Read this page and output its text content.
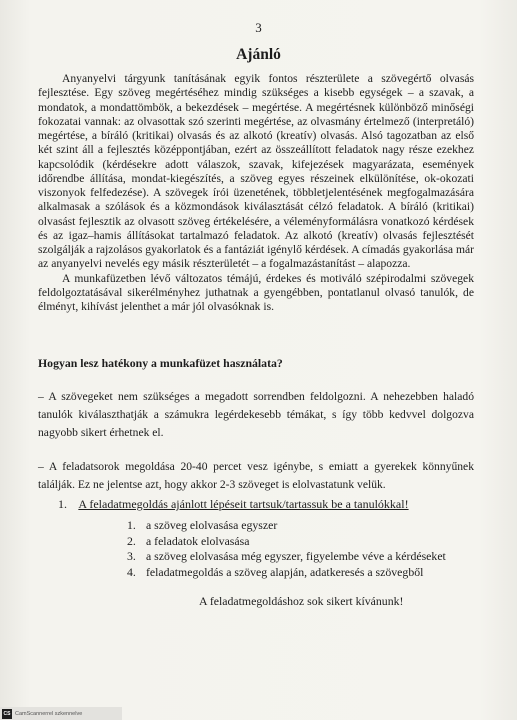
3
Ajánló

Anyanyelvi tárgyunk tanításának egyik fontos részterülete a szövegértő olvasás fejlesztése. Egy szöveg megértéséhez mindig szükséges a kisebb egységek – a szavak, a mondatok, a mondattömbök, a bekezdések – megértése. A megértésnek különböző minőségi fokozatai vannak: az olvasottak szó szerinti megértése, az olvasmány értelmező (interpretáló) megértése, a bíráló (kritikai) olvasás és az alkotó (kreatív) olvasás. Alsó tagozatban az első két szint áll a fejlesztés középpontjában, ezért az összeállított feladatok nagy része ezekhez kapcsolódik (kérdésekre adott válaszok, szavak, kifejezések magyarázata, események időrendbe állítása, mondat-kiegészítés, a szöveg egyes részeinek elkülönítése, ok-okozati viszonyok felfedezése). A szövegek írói üzenetének, többletjelentésének megfogalmazására alkalmasak a szólások és a közmondások kiválasztását célzó feladatok. A bíráló (kritikai) olvasást fejlesztik az olvasott szöveg értékelésére, a véleményformálásra vonatkozó kérdések és az igaz–hamis állításokat tartalmazó feladatok. Az alkotó (kreatív) olvasás fejlesztését szolgálják a rajzolásos gyakorlatok és a fantáziát igénylő kérdések. A címadás gyakorlása már az anyanyelvi nevelés egy másik részterületét – a fogalmazástanítást – alapozza.

A munkafüzetben lévő változatos témájú, érdekes és motiváló szépirodalmi szövegek feldolgoztatásával sikerélményhez juthatnak a gyengébben, pontatlanul olvasó tanulók, de élményt, kihívást jelenthet a már jól olvasóknak is.

Hogyan lesz hatékony a munkafüzet használata?

– A szövegeket nem szükséges a megadott sorrendben feldolgozni. A nehezebben haladó tanulók kiválaszthatják a számukra legérdekesebb témákat, s így több kedvvel dolgozva nagyobb sikert érhetnek el.

– A feladatsorok megoldása 20-40 percet vesz igénybe, s emiatt a gyerekek könnyűnek találják. Ez ne jelentse azt, hogy akkor 2-3 szöveget is elolvastatunk velük.

1. A feladatmegoldás ajánlott lépéseit tartsuk/tartassuk be a tanulókkal!
1. a szöveg elolvasása egyszer
2. a feladatok elolvasása
3. a szöveg elolvasása még egyszer, figyelembe véve a kérdéseket
4. feladatmegoldás a szöveg alapján, adatkeresés a szövegből
A feladatmegoldáshoz sok sikert kívánunk!
CS CamScannerrel szkennelve
